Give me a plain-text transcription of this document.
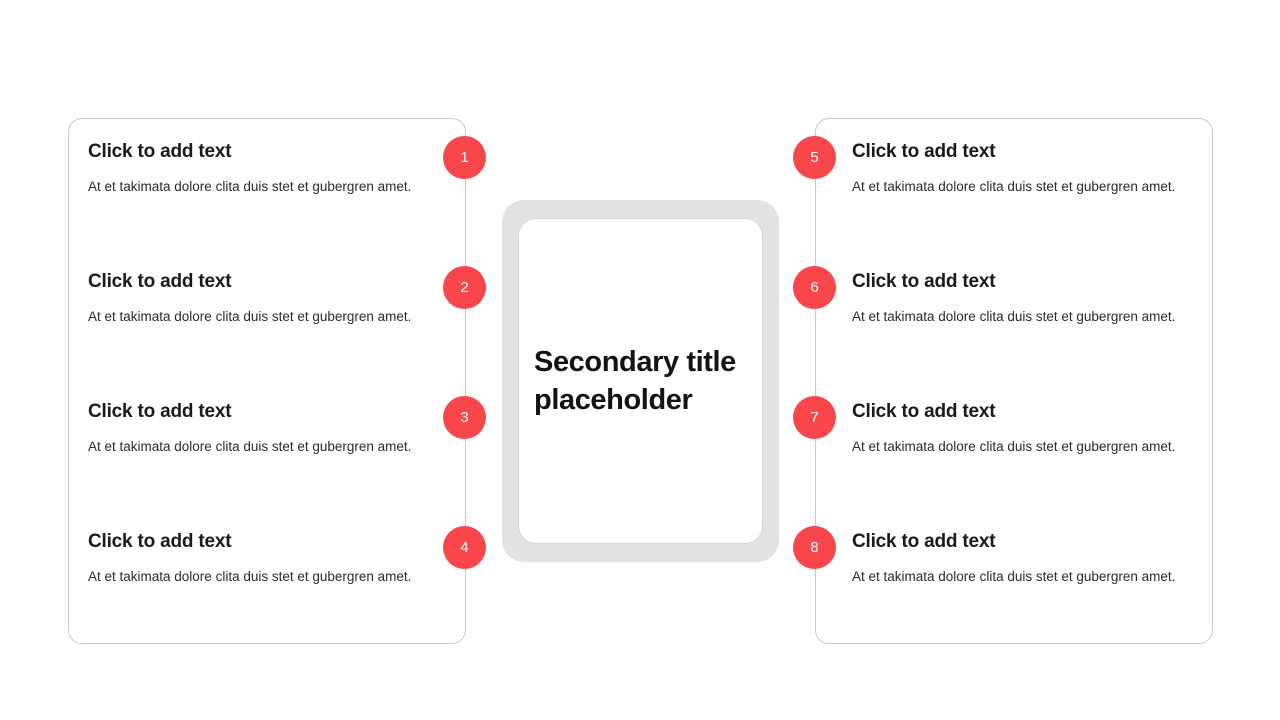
Click to add text
At et takimata dolore clita duis stet et gubergren amet.
Click to add text
At et takimata dolore clita duis stet et gubergren amet.
Click to add text
At et takimata dolore clita duis stet et gubergren amet.
Click to add text
At et takimata dolore clita duis stet et gubergren amet.
1
2
3
4
Click to add text
At et takimata dolore clita duis stet et gubergren amet.
Click to add text
At et takimata dolore clita duis stet et gubergren amet.
Click to add text
At et takimata dolore clita duis stet et gubergren amet.
Click to add text
At et takimata dolore clita duis stet et gubergren amet.
5
6
7
8
Secondary title placeholder
